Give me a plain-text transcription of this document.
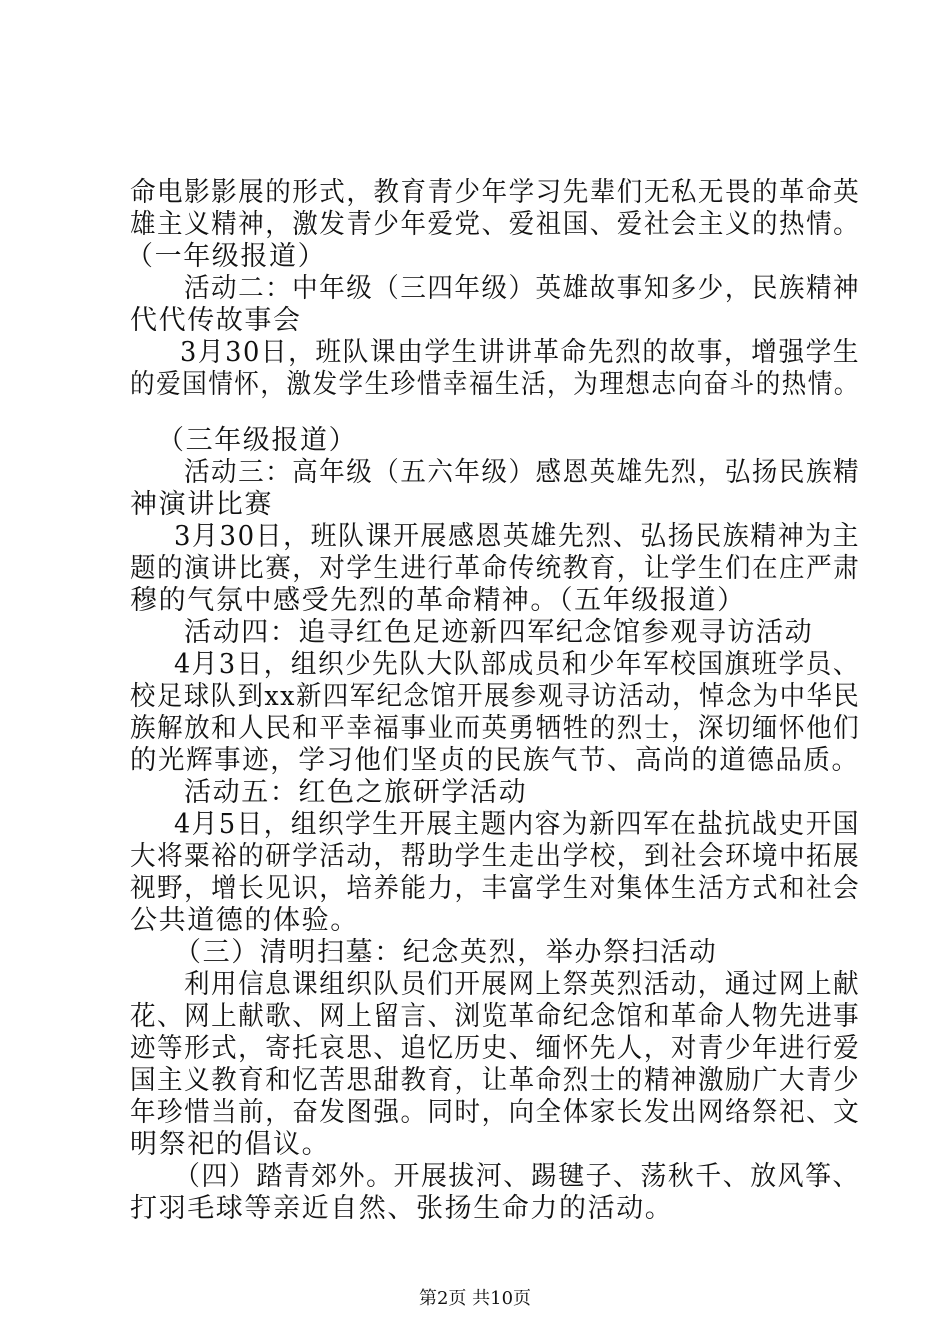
命电影影展的形式，教育青少年学习先辈们无私无畏的革命英
雄主义精神，激发青少年爱党、爱祖国、爱社会主义的热情。
（一年级报道）
活动二：中年级（三四年级）英雄故事知多少，民族精神
代代传故事会
3月30日，班队课由学生讲讲革命先烈的故事，增强学生
的爱国情怀，激发学生珍惜幸福生活，为理想志向奋斗的热情。
（三年级报道）
活动三：高年级（五六年级）感恩英雄先烈，弘扬民族精
神演讲比赛
3月30日，班队课开展感恩英雄先烈、弘扬民族精神为主
题的演讲比赛，对学生进行革命传统教育，让学生们在庄严肃
穆的气氛中感受先烈的革命精神。（五年级报道）
活动四：追寻红色足迹新四军纪念馆参观寻访活动
4月3日，组织少先队大队部成员和少年军校国旗班学员、
校足球队到xx新四军纪念馆开展参观寻访活动，悼念为中华民
族解放和人民和平幸福事业而英勇牺牲的烈士，深切缅怀他们
的光辉事迹，学习他们坚贞的民族气节、高尚的道德品质。
活动五：红色之旅研学活动
4月5日，组织学生开展主题内容为新四军在盐抗战史开国
大将粟裕的研学活动，帮助学生走出学校，到社会环境中拓展
视野，增长见识，培养能力，丰富学生对集体生活方式和社会
公共道德的体验。
（三）清明扫墓：纪念英烈，举办祭扫活动
利用信息课组织队员们开展网上祭英烈活动，通过网上献
花、网上献歌、网上留言、浏览革命纪念馆和革命人物先进事
迹等形式，寄托哀思、追忆历史、缅怀先人，对青少年进行爱
国主义教育和忆苦思甜教育，让革命烈士的精神激励广大青少
年珍惜当前，奋发图强。同时，向全体家长发出网络祭祀、文
明祭祀的倡议。
（四）踏青郊外。开展拔河、踢毽子、荡秋千、放风筝、
打羽毛球等亲近自然、张扬生命力的活动。
第2页 共10页
